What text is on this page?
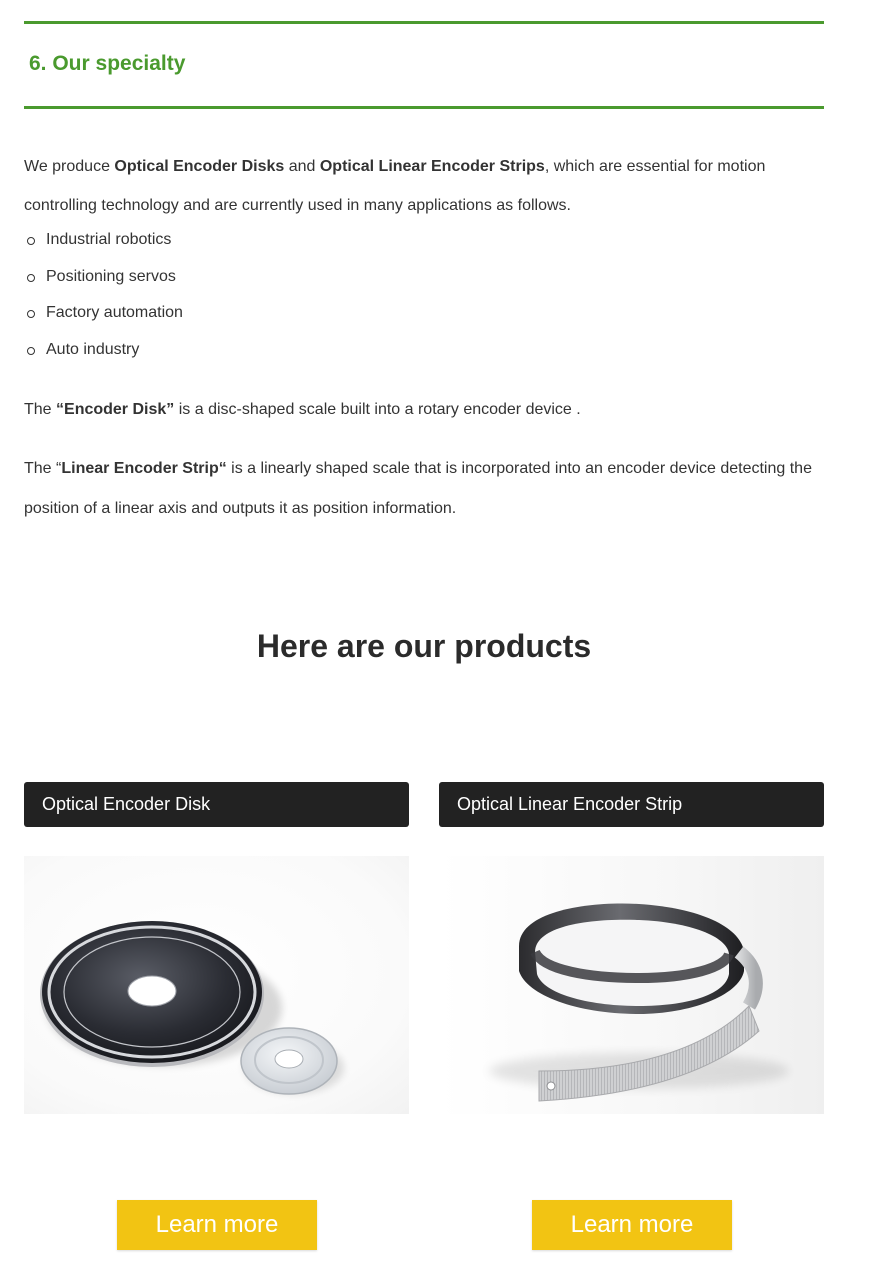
6. Our specialty

We produce Optical Encoder Disks and Optical Linear Encoder Strips, which are essential for motion controlling technology and are currently used in many applications as follows.

Industrial robotics
Positioning servos
Factory automation
Auto industry

The “Encoder Disk” is a disc-shaped scale built into a rotary encoder device .

The “Linear Encoder Strip“ is a linearly shaped scale that is incorporated into an encoder device detecting the position of a linear axis and outputs it as position information.

Here are our products
Optical Encoder Disk
Learn more
Optical Linear Encoder Strip
Learn more
